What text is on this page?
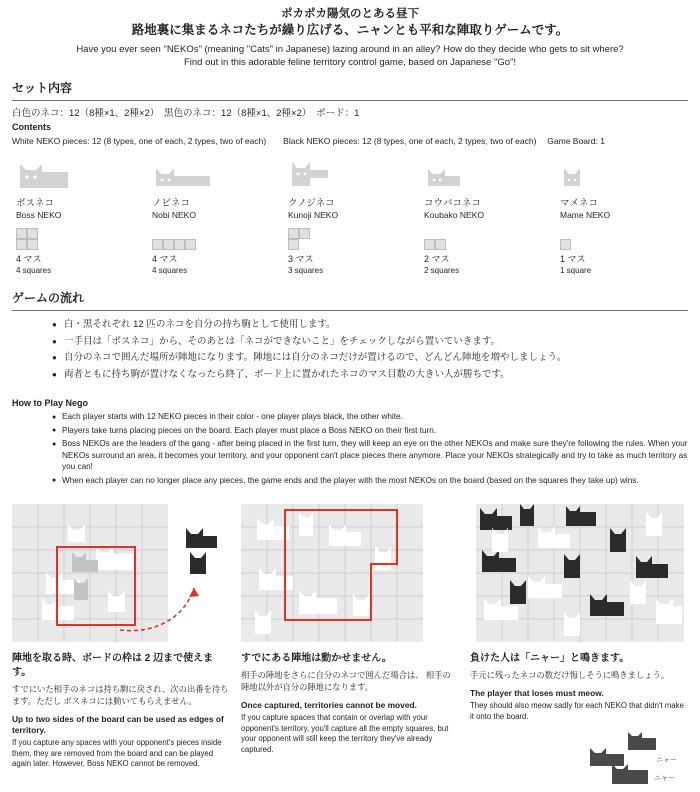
ポカポカ陽気のとある昼下
路地裏に集まるネコたちが繰り広げる、ニャンとも平和な陣取りゲームです。
Have you ever seen "NEKOs" (meaning "Cats" in Japanese) lazing around in an alley? How do they decide who gets to sit where?
Find out in this adorable feline territory control game, based on Japanese "Go"!
セット内容
白色のネコ：12（8種×1、2種×2）　黒色のネコ：12（8種×1、2種×2）　ボード：1
Contents
White NEKO pieces: 12 (8 types, one of each, 2 types, two of each)　　Black NEKO pieces: 12 (8 types, one of each, 2 types, two of each)　 Game Board: 1
ボスネコ
Boss NEKO
4 マス
4 squares
ノビネコ
Nobi NEKO
4 マス
4 squares
クノジネコ
Kunoji NEKO
3 マス
3 squares
コウバコネコ
Koubako NEKO
2 マス
2 squares
マメネコ
Mame NEKO
1 マス
1 square
ゲームの流れ
● 白・黒それぞれ 12 匹のネコを自分の持ち駒として使用します。
● 一手目は「ボスネコ」から、そのあとは「ネコができないこと」をチェックしながら置いていきます。
● 自分のネコで囲んだ場所が陣地になります。陣地には自分のネコだけが置けるので、どんどん陣地を増やしましょう。
● 両者ともに持ち駒が置けなくなったら終了、ボード上に置かれたネコのマス目数の大きい人が勝ちです。
How to Play Nego
● Each player starts with 12 NEKO pieces in their color - one player plays black, the other white.
● Players take turns placing pieces on the board. Each player must place a Boss NEKO on their first turn.
● Boss NEKOs are the leaders of the gang - after being placed in the first turn, they will keep an eye on the other NEKOs and make sure they're following the rules. When your NEKOs surround an area, it becomes your territory, and your opponent can't place pieces there anymore. Place your NEKOs strategically and try to take as much territory as you can!
● When each player can no longer place any pieces, the game ends and the player with the most NEKOs on the board (based on the squares they take up) wins.
陣地を取る時、ボードの枠は 2 辺まで使えます。
すでにいた相手のネコは持ち駒に戻され、次の出番を待ちます。ただし ボスネコには動いてもらえません。
Up to two sides of the board can be used as edges of territory.
If you capture any spaces with your opponent's pieces inside them, they are removed from the board and can be played again later. However, Boss NEKO cannot be removed.
すでにある陣地は動かせません。
相手の陣地をさらに自分のネコで囲んだ場合は、 相手の陣地以外が自分の陣地になります。
Once captured, territories cannot be moved.
If you capture spaces that contain or overlap with your opponent's territory, you'll capture all the empty squares, but your opponent will still keep the territory they've already captured.
負けた人は「ニャー」と鳴きます。
手元に残ったネコの数だけ悔しそうに鳴きましょう。
The player that loses must meow.
They should also meow sadly for each NEKO that didn't make it onto the board.
ニャー
ニャー
